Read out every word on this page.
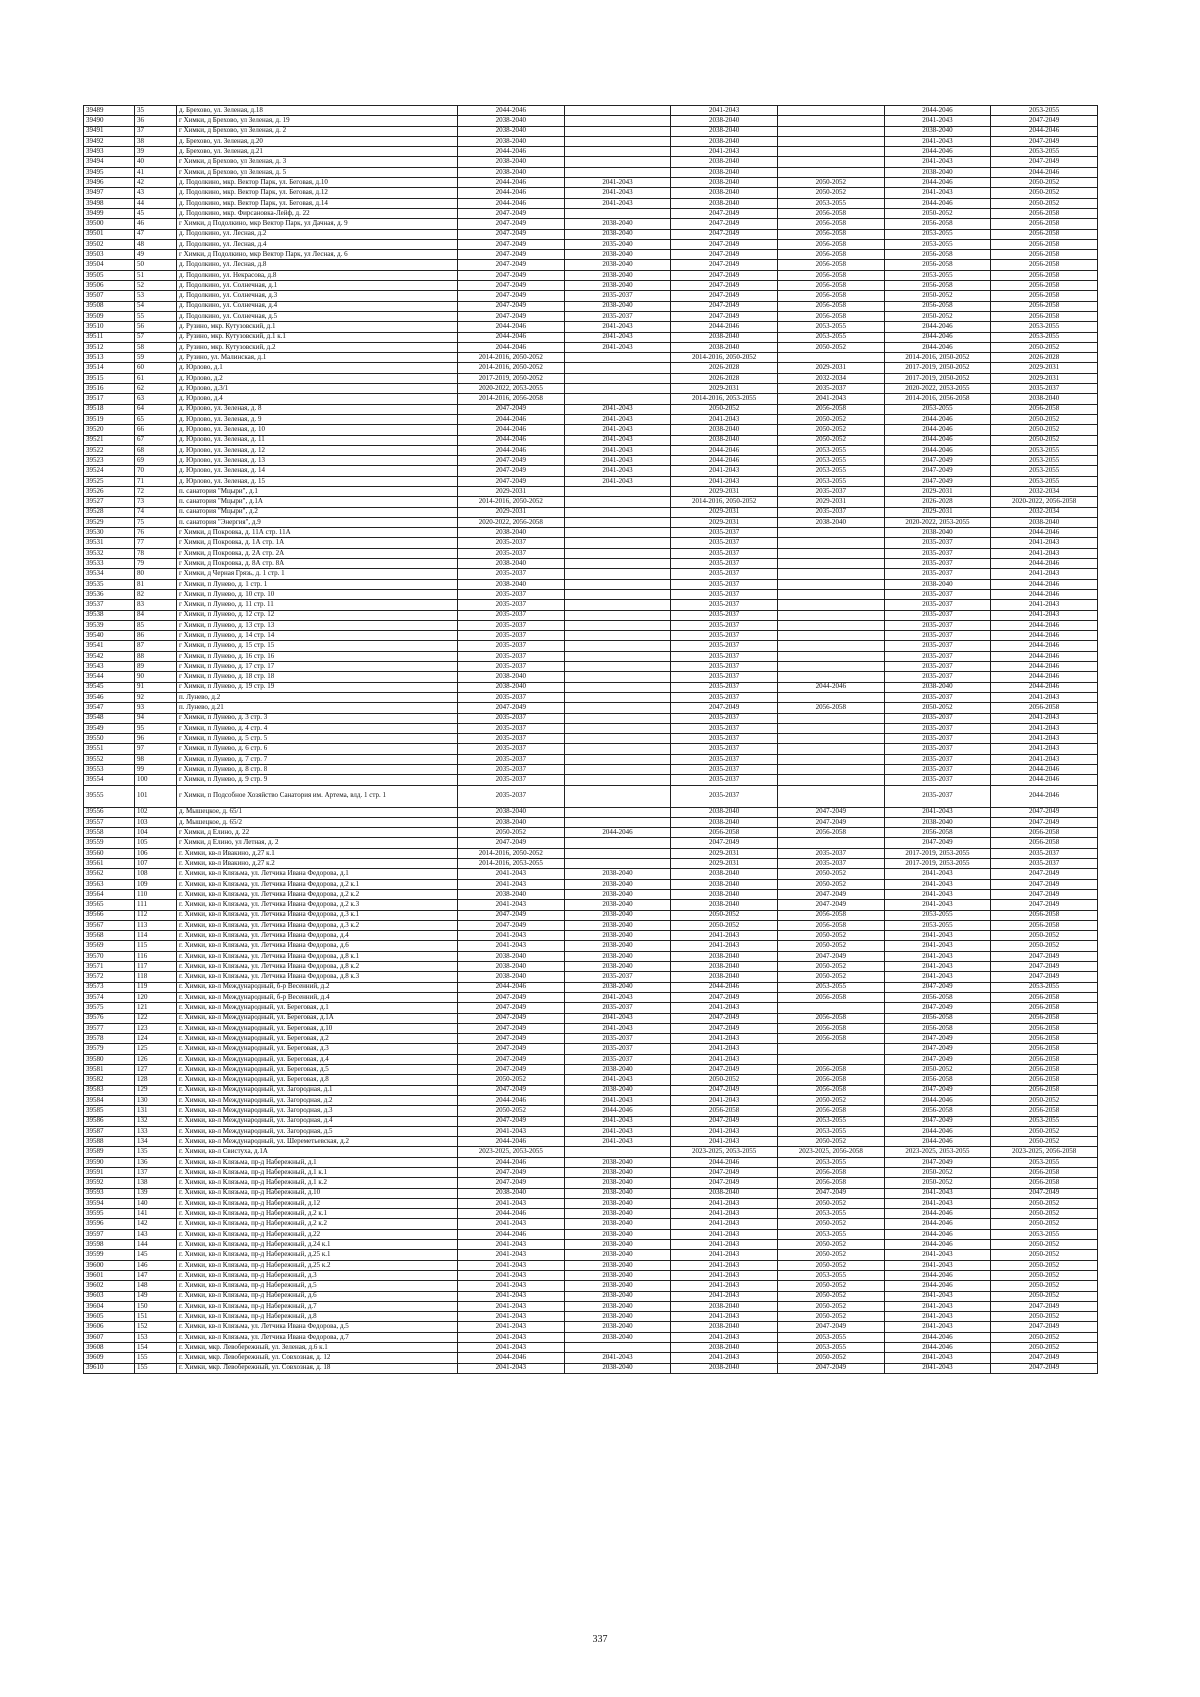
39489	35	д. Брехово, ул. Зеленая, д.18	2044-2046		2041-2043		2044-2046	2053-2055
39490	36	г Химки, д Брехово, ул Зеленая, д. 19	2038-2040		2038-2040		2041-2043	2047-2049
39491	37	г Химки, д Брехово, ул Зеленая, д. 2	2038-2040		2038-2040		2038-2040	2044-2046
39492	38	д. Брехово, ул. Зеленая, д.20	2038-2040		2038-2040		2041-2043	2047-2049
39493	39	д. Брехово, ул. Зеленая, д.21	2044-2046		2041-2043		2044-2046	2053-2055
39494	40	г Химки, д Брехово, ул Зеленая, д. 3	2038-2040		2038-2040		2041-2043	2047-2049
39495	41	г Химки, д Брехово, ул Зеленая, д. 5	2038-2040		2038-2040		2038-2040	2044-2046
39496	42	д. Подолкино, мкр. Вектор Парк, ул. Беговая, д.10	2044-2046	2041-2043	2038-2040	2050-2052	2044-2046	2050-2052
39497	43	д. Подолкино, мкр. Вектор Парк, ул. Беговая, д.12	2044-2046	2041-2043	2038-2040	2050-2052	2041-2043	2050-2052
39498	44	д. Подолкино, мкр. Вектор Парк, ул. Беговая, д.14	2044-2046	2041-2043	2038-2040	2053-2055	2044-2046	2050-2052
39499	45	д. Подолкино, мкр. Фирсановка-Лейф, д. 22	2047-2049		2047-2049	2056-2058	2050-2052	2056-2058
39500	46	г Химки, д Подолкино, мкр Вектор Парк, ул Дачная, д. 9	2047-2049	2038-2040	2047-2049	2056-2058	2056-2058	2056-2058
39501	47	д. Подолкино, ул. Лесная, д.2	2047-2049	2038-2040	2047-2049	2056-2058	2053-2055	2056-2058
39502	48	д. Подолкино, ул. Лесная, д.4	2047-2049	2035-2040	2047-2049	2056-2058	2053-2055	2056-2058
39503	49	г Химки, д Подолкино, мкр Вектор Парк, ул Лесная, д. 6	2047-2049	2038-2040	2047-2049	2056-2058	2056-2058	2056-2058
39504	50	д. Подолкино, ул. Лесная, д.8	2047-2049	2038-2040	2047-2049	2056-2058	2056-2058	2056-2058
39505	51	д. Подолкино, ул. Некрасова, д.8	2047-2049	2038-2040	2047-2049	2056-2058	2053-2055	2056-2058
39506	52	д. Подолкино, ул. Солнечная, д.1	2047-2049	2038-2040	2047-2049	2056-2058	2056-2058	2056-2058
39507	53	д. Подолкино, ул. Солнечная, д.3	2047-2049	2035-2037	2047-2049	2056-2058	2050-2052	2056-2058
39508	54	д. Подолкино, ул. Солнечная, д.4	2047-2049	2038-2040	2047-2049	2056-2058	2056-2058	2056-2058
39509	55	д. Подолкино, ул. Солнечная, д.5	2047-2049	2035-2037	2047-2049	2056-2058	2050-2052	2056-2058
39510	56	д. Рузино, мкр. Кутузовский, д.1	2044-2046	2041-2043	2044-2046	2053-2055	2044-2046	2053-2055
39511	57	д. Рузино, мкр. Кутузовский, д.1 к.1	2044-2046	2041-2043	2038-2040	2053-2055	2044-2046	2053-2055
39512	58	д. Рузино, мкр. Кутузовский, д.2	2044-2046	2041-2043	2038-2040	2050-2052	2044-2046	2050-2052
39513	59	д. Рузино, ул. Малинская, д.1	2014-2016, 2050-2052		2014-2016, 2050-2052		2014-2016, 2050-2052	2026-2028
39514	60	д. Юрлово, д.1	2014-2016, 2050-2052		2026-2028	2029-2031	2017-2019, 2050-2052	2029-2031
39515	61	д. Юрлово, д.2	2017-2019, 2050-2052		2026-2028	2032-2034	2017-2019, 2050-2052	2029-2031
39516	62	д. Юрлово, д.3/1	2020-2022, 2053-2055		2029-2031	2035-2037	2020-2022, 2053-2055	2035-2037
39517	63	д. Юрлово, д.4	2014-2016, 2056-2058		2014-2016, 2053-2055	2041-2043	2014-2016, 2056-2058	2038-2040
39518	64	д. Юрлово, ул. Зеленая, д. 8	2047-2049	2041-2043	2050-2052	2056-2058	2053-2055	2056-2058
39519	65	д. Юрлово, ул. Зеленая, д. 9	2044-2046	2041-2043	2041-2043	2050-2052	2044-2046	2050-2052
39520	66	д. Юрлово, ул. Зеленая, д. 10	2044-2046	2041-2043	2038-2040	2050-2052	2044-2046	2050-2052
39521	67	д. Юрлово, ул. Зеленая, д. 11	2044-2046	2041-2043	2038-2040	2050-2052	2044-2046	2050-2052
39522	68	д. Юрлово, ул. Зеленая, д. 12	2044-2046	2041-2043	2044-2046	2053-2055	2044-2046	2053-2055
39523	69	д. Юрлово, ул. Зеленая, д. 13	2047-2049	2041-2043	2044-2046	2053-2055	2047-2049	2053-2055
39524	70	д. Юрлово, ул. Зеленая, д. 14	2047-2049	2041-2043	2041-2043	2053-2055	2047-2049	2053-2055
39525	71	д. Юрлово, ул. Зеленая, д. 15	2047-2049	2041-2043	2041-2043	2053-2055	2047-2049	2053-2055
39526	72	п. санатория "Мцыри", д.1	2029-2031		2029-2031	2035-2037	2029-2031	2032-2034
39527	73	п. санатория "Мцыри", д.1А	2014-2016, 2050-2052		2014-2016, 2050-2052	2029-2031	2026-2028	2020-2022, 2056-2058
39528	74	п. санатория "Мцыри", д.2	2029-2031		2029-2031	2035-2037	2029-2031	2032-2034
39529	75	п. санатория "Энергия", д.9	2020-2022, 2056-2058		2029-2031	2038-2040	2020-2022, 2053-2055	2038-2040
39530	76	г Химки, д Покровка, д. 11А стр. 11А	2038-2040		2035-2037		2038-2040	2044-2046
39531	77	г Химки, д Покровка, д. 1А стр. 1А	2035-2037		2035-2037		2035-2037	2041-2043
39532	78	г Химки, д Покровка, д. 2А стр. 2А	2035-2037		2035-2037		2035-2037	2041-2043
39533	79	г Химки, д Покровка, д. 8А стр. 8А	2038-2040		2035-2037		2035-2037	2044-2046
39534	80	г Химки, д Черная Грязь, д. 1 стр. 1	2035-2037		2035-2037		2035-2037	2041-2043
39535	81	г Химки, п Луневo, д. 1 стр. 1	2038-2040		2035-2037		2038-2040	2044-2046
39536	82	г Химки, п Луневo, д. 10 стр. 10	2035-2037		2035-2037		2035-2037	2044-2046
39537	83	г Химки, п Луневo, д. 11 стр. 11	2035-2037		2035-2037		2035-2037	2041-2043
39538	84	г Химки, п Луневo, д. 12 стр. 12	2035-2037		2035-2037		2035-2037	2041-2043
39539	85	г Химки, п Луневo, д. 13 стр. 13	2035-2037		2035-2037		2035-2037	2044-2046
39540	86	г Химки, п Луневo, д. 14 стр. 14	2035-2037		2035-2037		2035-2037	2044-2046
39541	87	г Химки, п Луневo, д. 15 стр. 15	2035-2037		2035-2037		2035-2037	2044-2046
39542	88	г Химки, п Луневo, д. 16 стр. 16	2035-2037		2035-2037		2035-2037	2044-2046
39543	89	г Химки, п Луневo, д. 17 стр. 17	2035-2037		2035-2037		2035-2037	2044-2046
39544	90	г Химки, п Луневo, д. 18 стр. 18	2038-2040		2035-2037		2035-2037	2044-2046
39545	91	г Химки, п Луневo, д. 19 стр. 19	2038-2040		2035-2037	2044-2046	2038-2040	2044-2046
39546	92	п. Лунево, д.2	2035-2037		2035-2037		2035-2037	2041-2043
39547	93	п. Лунево, д.21	2047-2049		2047-2049	2056-2058	2050-2052	2056-2058
39548	94	г Химки, п Луневo, д. 3 стр. 3	2035-2037		2035-2037		2035-2037	2041-2043
39549	95	г Химки, п Луневo, д. 4 стр. 4	2035-2037		2035-2037		2035-2037	2041-2043
39550	96	г Химки, п Луневo, д. 5 стр. 5	2035-2037		2035-2037		2035-2037	2041-2043
39551	97	г Химки, п Луневo, д. 6 стр. 6	2035-2037		2035-2037		2035-2037	2041-2043
39552	98	г Химки, п Луневo, д. 7 стр. 7	2035-2037		2035-2037		2035-2037	2041-2043
39553	99	г Химки, п Луневo, д. 8 стр. 8	2035-2037		2035-2037		2035-2037	2044-2046
39554	100	г Химки, п Луневo, д. 9 стр. 9	2035-2037		2035-2037		2035-2037	2044-2046
39555	101	г Химки, п Подсобное Хозяйство Санатория им. Артема, влд. 1 стр. 1	2035-2037		2035-2037		2035-2037	2044-2046
39556	102	д. Мышецкое, д. 65/1	2038-2040		2038-2040	2047-2049	2041-2043	2047-2049
39557	103	д. Мышецкое, д. 65/2	2038-2040		2038-2040	2047-2049	2038-2040	2047-2049
39558	104	г Химки, д Елино, д. 22	2050-2052	2044-2046	2056-2058	2056-2058	2056-2058	2056-2058
39559	105	г Химки, д Елино, ул Летная, д. 2	2047-2049		2047-2049		2047-2049	2056-2058
39560	106	г. Химки, кв-л Ивакино, д.27 к.1	2014-2016, 2050-2052		2029-2031	2035-2037	2017-2019, 2053-2055	2035-2037
39561	107	г. Химки, кв-л Ивакино, д.27 к.2	2014-2016, 2053-2055		2029-2031	2035-2037	2017-2019, 2053-2055	2035-2037
39562	108	г. Химки, кв-л Клязьма, ул. Летчика Ивана Федорова, д.1	2041-2043	2038-2040	2038-2040	2050-2052	2041-2043	2047-2049
39563	109	г. Химки, кв-л Клязьма, ул. Летчика Ивана Федорова, д.2 к.1	2041-2043	2038-2040	2038-2040	2050-2052	2041-2043	2047-2049
39564	110	г. Химки, кв-л Клязьма, ул. Летчика Ивана Федорова, д.2 к.2	2038-2040	2038-2040	2038-2040	2047-2049	2041-2043	2047-2049
39565	111	г. Химки, кв-л Клязьма, ул. Летчика Ивана Федорова, д.2 к.3	2041-2043	2038-2040	2038-2040	2047-2049	2041-2043	2047-2049
39566	112	г. Химки, кв-л Клязьма, ул. Летчика Ивана Федорова, д.3 к.1	2047-2049	2038-2040	2050-2052	2056-2058	2053-2055	2056-2058
39567	113	г. Химки, кв-л Клязьма, ул. Летчика Ивана Федорова, д.3 к.2	2047-2049	2038-2040	2050-2052	2056-2058	2053-2055	2056-2058
39568	114	г. Химки, кв-л Клязьма, ул. Летчика Ивана Федорова, д.4	2041-2043	2038-2040	2041-2043	2050-2052	2041-2043	2050-2052
39569	115	г. Химки, кв-л Клязьма, ул. Летчика Ивана Федорова, д.6	2041-2043	2038-2040	2041-2043	2050-2052	2041-2043	2050-2052
39570	116	г. Химки, кв-л Клязьма, ул. Летчика Ивана Федорова, д.8 к.1	2038-2040	2038-2040	2038-2040	2047-2049	2041-2043	2047-2049
39571	117	г. Химки, кв-л Клязьма, ул. Летчика Ивана Федорова, д.8 к.2	2038-2040	2038-2040	2038-2040	2050-2052	2041-2043	2047-2049
39572	118	г. Химки, кв-л Клязьма, ул. Летчика Ивана Федорова, д.8 к.3	2038-2040	2035-2037	2038-2040	2050-2052	2041-2043	2047-2049
39573	119	г. Химки, кв-л Международный, б-р Весенний, д.2	2044-2046	2038-2040	2044-2046	2053-2055	2047-2049	2053-2055
39574	120	г. Химки, кв-л Международный, б-р Весенний, д.4	2047-2049	2041-2043	2047-2049	2056-2058	2056-2058	2056-2058
39575	121	г. Химки, кв-л Международный, ул. Береговая, д.1	2047-2049	2035-2037	2041-2043		2047-2049	2056-2058
39576	122	г. Химки, кв-л Международный, ул. Береговая, д.1А	2047-2049	2041-2043	2047-2049	2056-2058	2056-2058	2056-2058
39577	123	г. Химки, кв-л Международный, ул. Береговая, д.10	2047-2049	2041-2043	2047-2049	2056-2058	2056-2058	2056-2058
39578	124	г. Химки, кв-л Международный, ул. Береговая, д.2	2047-2049	2035-2037	2041-2043	2056-2058	2047-2049	2056-2058
39579	125	г. Химки, кв-л Международный, ул. Береговая, д.3	2047-2049	2035-2037	2041-2043		2047-2049	2056-2058
39580	126	г. Химки, кв-л Международный, ул. Береговая, д.4	2047-2049	2035-2037	2041-2043		2047-2049	2056-2058
39581	127	г. Химки, кв-л Международный, ул. Береговая, д.5	2047-2049	2038-2040	2047-2049	2056-2058	2050-2052	2056-2058
39582	128	г. Химки, кв-л Международный, ул. Береговая, д.8	2050-2052	2041-2043	2050-2052	2056-2058	2056-2058	2056-2058
39583	129	г. Химки, кв-л Международный, ул. Загородная, д.1	2047-2049	2038-2040	2047-2049	2056-2058	2047-2049	2056-2058
39584	130	г. Химки, кв-л Международный, ул. Загородная, д.2	2044-2046	2041-2043	2041-2043	2050-2052	2044-2046	2050-2052
39585	131	г. Химки, кв-л Международный, ул. Загородная, д.3	2050-2052	2044-2046	2056-2058	2056-2058	2056-2058	2056-2058
39586	132	г. Химки, кв-л Международный, ул. Загородная, д.4	2047-2049	2041-2043	2047-2049	2053-2055	2047-2049	2053-2055
39587	133	г. Химки, кв-л Международный, ул. Загородная, д.5	2041-2043	2041-2043	2041-2043	2053-2055	2044-2046	2050-2052
39588	134	г. Химки, кв-л Международный, ул. Шереметьевская, д.2	2044-2046	2041-2043	2041-2043	2050-2052	2044-2046	2050-2052
39589	135	г. Химки, кв-л Свистуха, д.1А	2023-2025, 2053-2055		2023-2025, 2053-2055	2023-2025, 2056-2058	2023-2025, 2053-2055	2023-2025, 2056-2058
39590	136	г. Химки, кв-л Клязьма, пр-д Набережный, д.1	2044-2046	2038-2040	2044-2046	2053-2055	2047-2049	2053-2055
39591	137	г. Химки, кв-л Клязьма, пр-д Набережный, д.1 к.1	2047-2049	2038-2040	2047-2049	2056-2058	2050-2052	2056-2058
39592	138	г. Химки, кв-л Клязьма, пр-д Набережный, д.1 к.2	2047-2049	2038-2040	2047-2049	2056-2058	2050-2052	2056-2058
39593	139	г. Химки, кв-л Клязьма, пр-д Набережный, д.10	2038-2040	2038-2040	2038-2040	2047-2049	2041-2043	2047-2049
39594	140	г. Химки, кв-л Клязьма, пр-д Набережный, д.12	2041-2043	2038-2040	2041-2043	2050-2052	2041-2043	2050-2052
39595	141	г. Химки, кв-л Клязьма, пр-д Набережный, д.2 к.1	2044-2046	2038-2040	2041-2043	2053-2055	2044-2046	2050-2052
39596	142	г. Химки, кв-л Клязьма, пр-д Набережный, д.2 к.2	2041-2043	2038-2040	2041-2043	2050-2052	2044-2046	2050-2052
39597	143	г. Химки, кв-л Клязьма, пр-д Набережный, д.22	2044-2046	2038-2040	2041-2043	2053-2055	2044-2046	2053-2055
39598	144	г. Химки, кв-л Клязьма, пр-д Набережный, д.24 к.1	2041-2043	2038-2040	2041-2043	2050-2052	2044-2046	2050-2052
39599	145	г. Химки, кв-л Клязьма, пр-д Набережный, д.25 к.1	2041-2043	2038-2040	2041-2043	2050-2052	2041-2043	2050-2052
39600	146	г. Химки, кв-л Клязьма, пр-д Набережный, д.25 к.2	2041-2043	2038-2040	2041-2043	2050-2052	2041-2043	2050-2052
39601	147	г. Химки, кв-л Клязьма, пр-д Набережный, д.3	2041-2043	2038-2040	2041-2043	2053-2055	2044-2046	2050-2052
39602	148	г. Химки, кв-л Клязьма, пр-д Набережный, д.5	2041-2043	2038-2040	2041-2043	2050-2052	2044-2046	2050-2052
39603	149	г. Химки, кв-л Клязьма, пр-д Набережный, д.6	2041-2043	2038-2040	2041-2043	2050-2052	2041-2043	2050-2052
39604	150	г. Химки, кв-л Клязьма, пр-д Набережный, д.7	2041-2043	2038-2040	2038-2040	2050-2052	2041-2043	2047-2049
39605	151	г. Химки, кв-л Клязьма, пр-д Набережный, д.8	2041-2043	2038-2040	2041-2043	2050-2052	2041-2043	2050-2052
39606	152	г. Химки, кв-л Клязьма, ул. Летчика Ивана Федорова, д.5	2041-2043	2038-2040	2038-2040	2047-2049	2041-2043	2047-2049
39607	153	г. Химки, кв-л Клязьма, ул. Летчика Ивана Федорова, д.7	2041-2043	2038-2040	2041-2043	2053-2055	2044-2046	2050-2052
39608	154	г. Химки, мкр. Левобережный, ул. Зеленая, д.6 к.1	2041-2043		2038-2040	2053-2055	2044-2046	2050-2052
39609	155	г. Химки, мкр. Левобережный, ул. Совхозная, д. 12	2044-2046	2041-2043	2041-2043	2050-2052	2041-2043	2047-2049
39610	155	г. Химки, мкр. Левобережный, ул. Совхозная, д. 18	2041-2043	2038-2040	2038-2040	2047-2049	2041-2043	2047-2049
337
